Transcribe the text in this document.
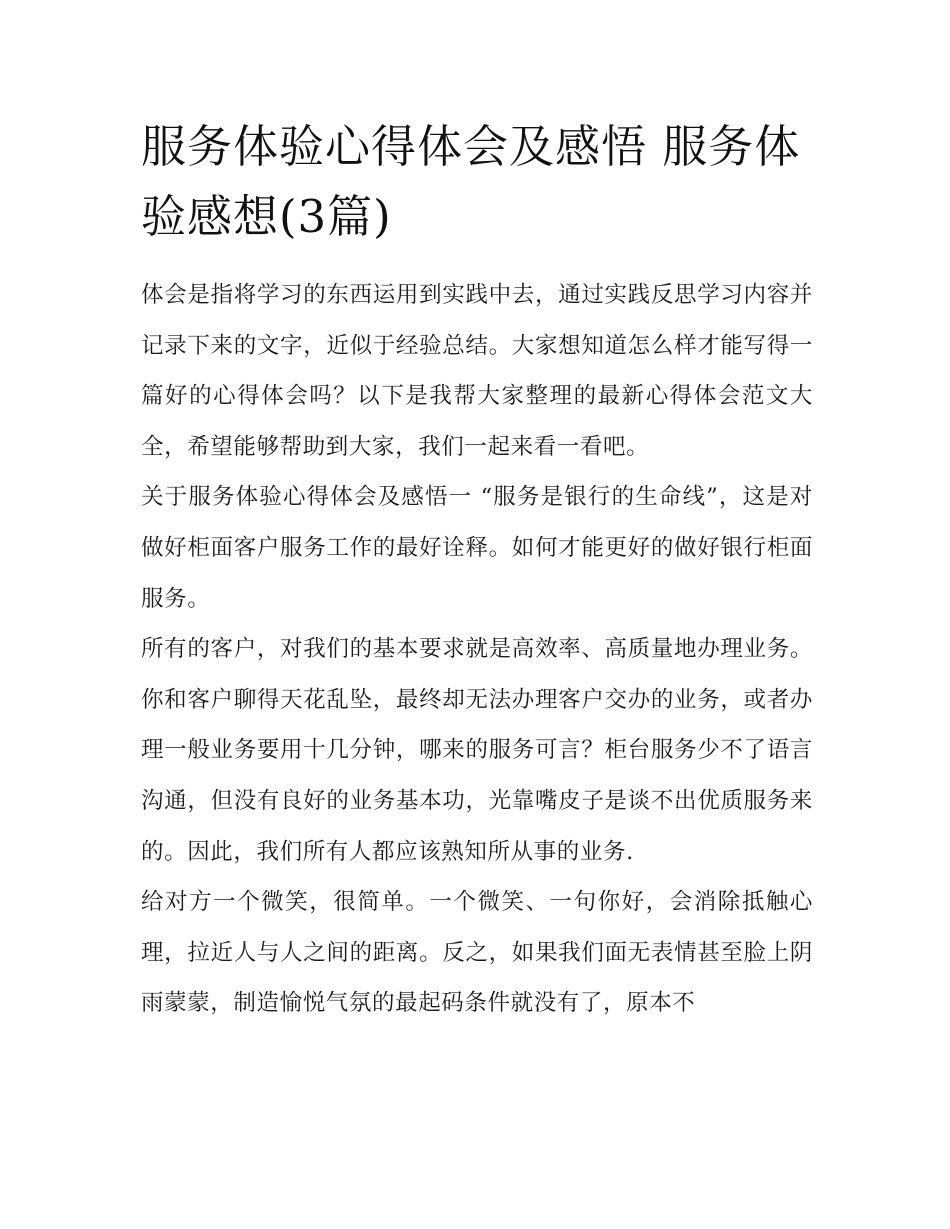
服务体验心得体会及感悟 服务体验感想(3篇)

体会是指将学习的东西运用到实践中去，通过实践反思学习内容并记录下来的文字，近似于经验总结。大家想知道怎么样才能写得一篇好的心得体会吗？以下是我帮大家整理的最新心得体会范文大全，希望能够帮助到大家，我们一起来看一看吧。

关于服务体验心得体会及感悟一 “服务是银行的生命线”，这是对做好柜面客户服务工作的最好诠释。如何才能更好的做好银行柜面服务。

所有的客户，对我们的基本要求就是高效率、高质量地办理业务。你和客户聊得天花乱坠，最终却无法办理客户交办的业务，或者办理一般业务要用十几分钟，哪来的服务可言？柜台服务少不了语言沟通，但没有良好的业务基本功，光靠嘴皮子是谈不出优质服务来的。因此，我们所有人都应该熟知所从事的业务.

给对方一个微笑，很简单。一个微笑、一句你好，会消除抵触心理，拉近人与人之间的距离。反之，如果我们面无表情甚至脸上阴雨蒙蒙，制造愉悦气氛的最起码条件就没有了，原本不
